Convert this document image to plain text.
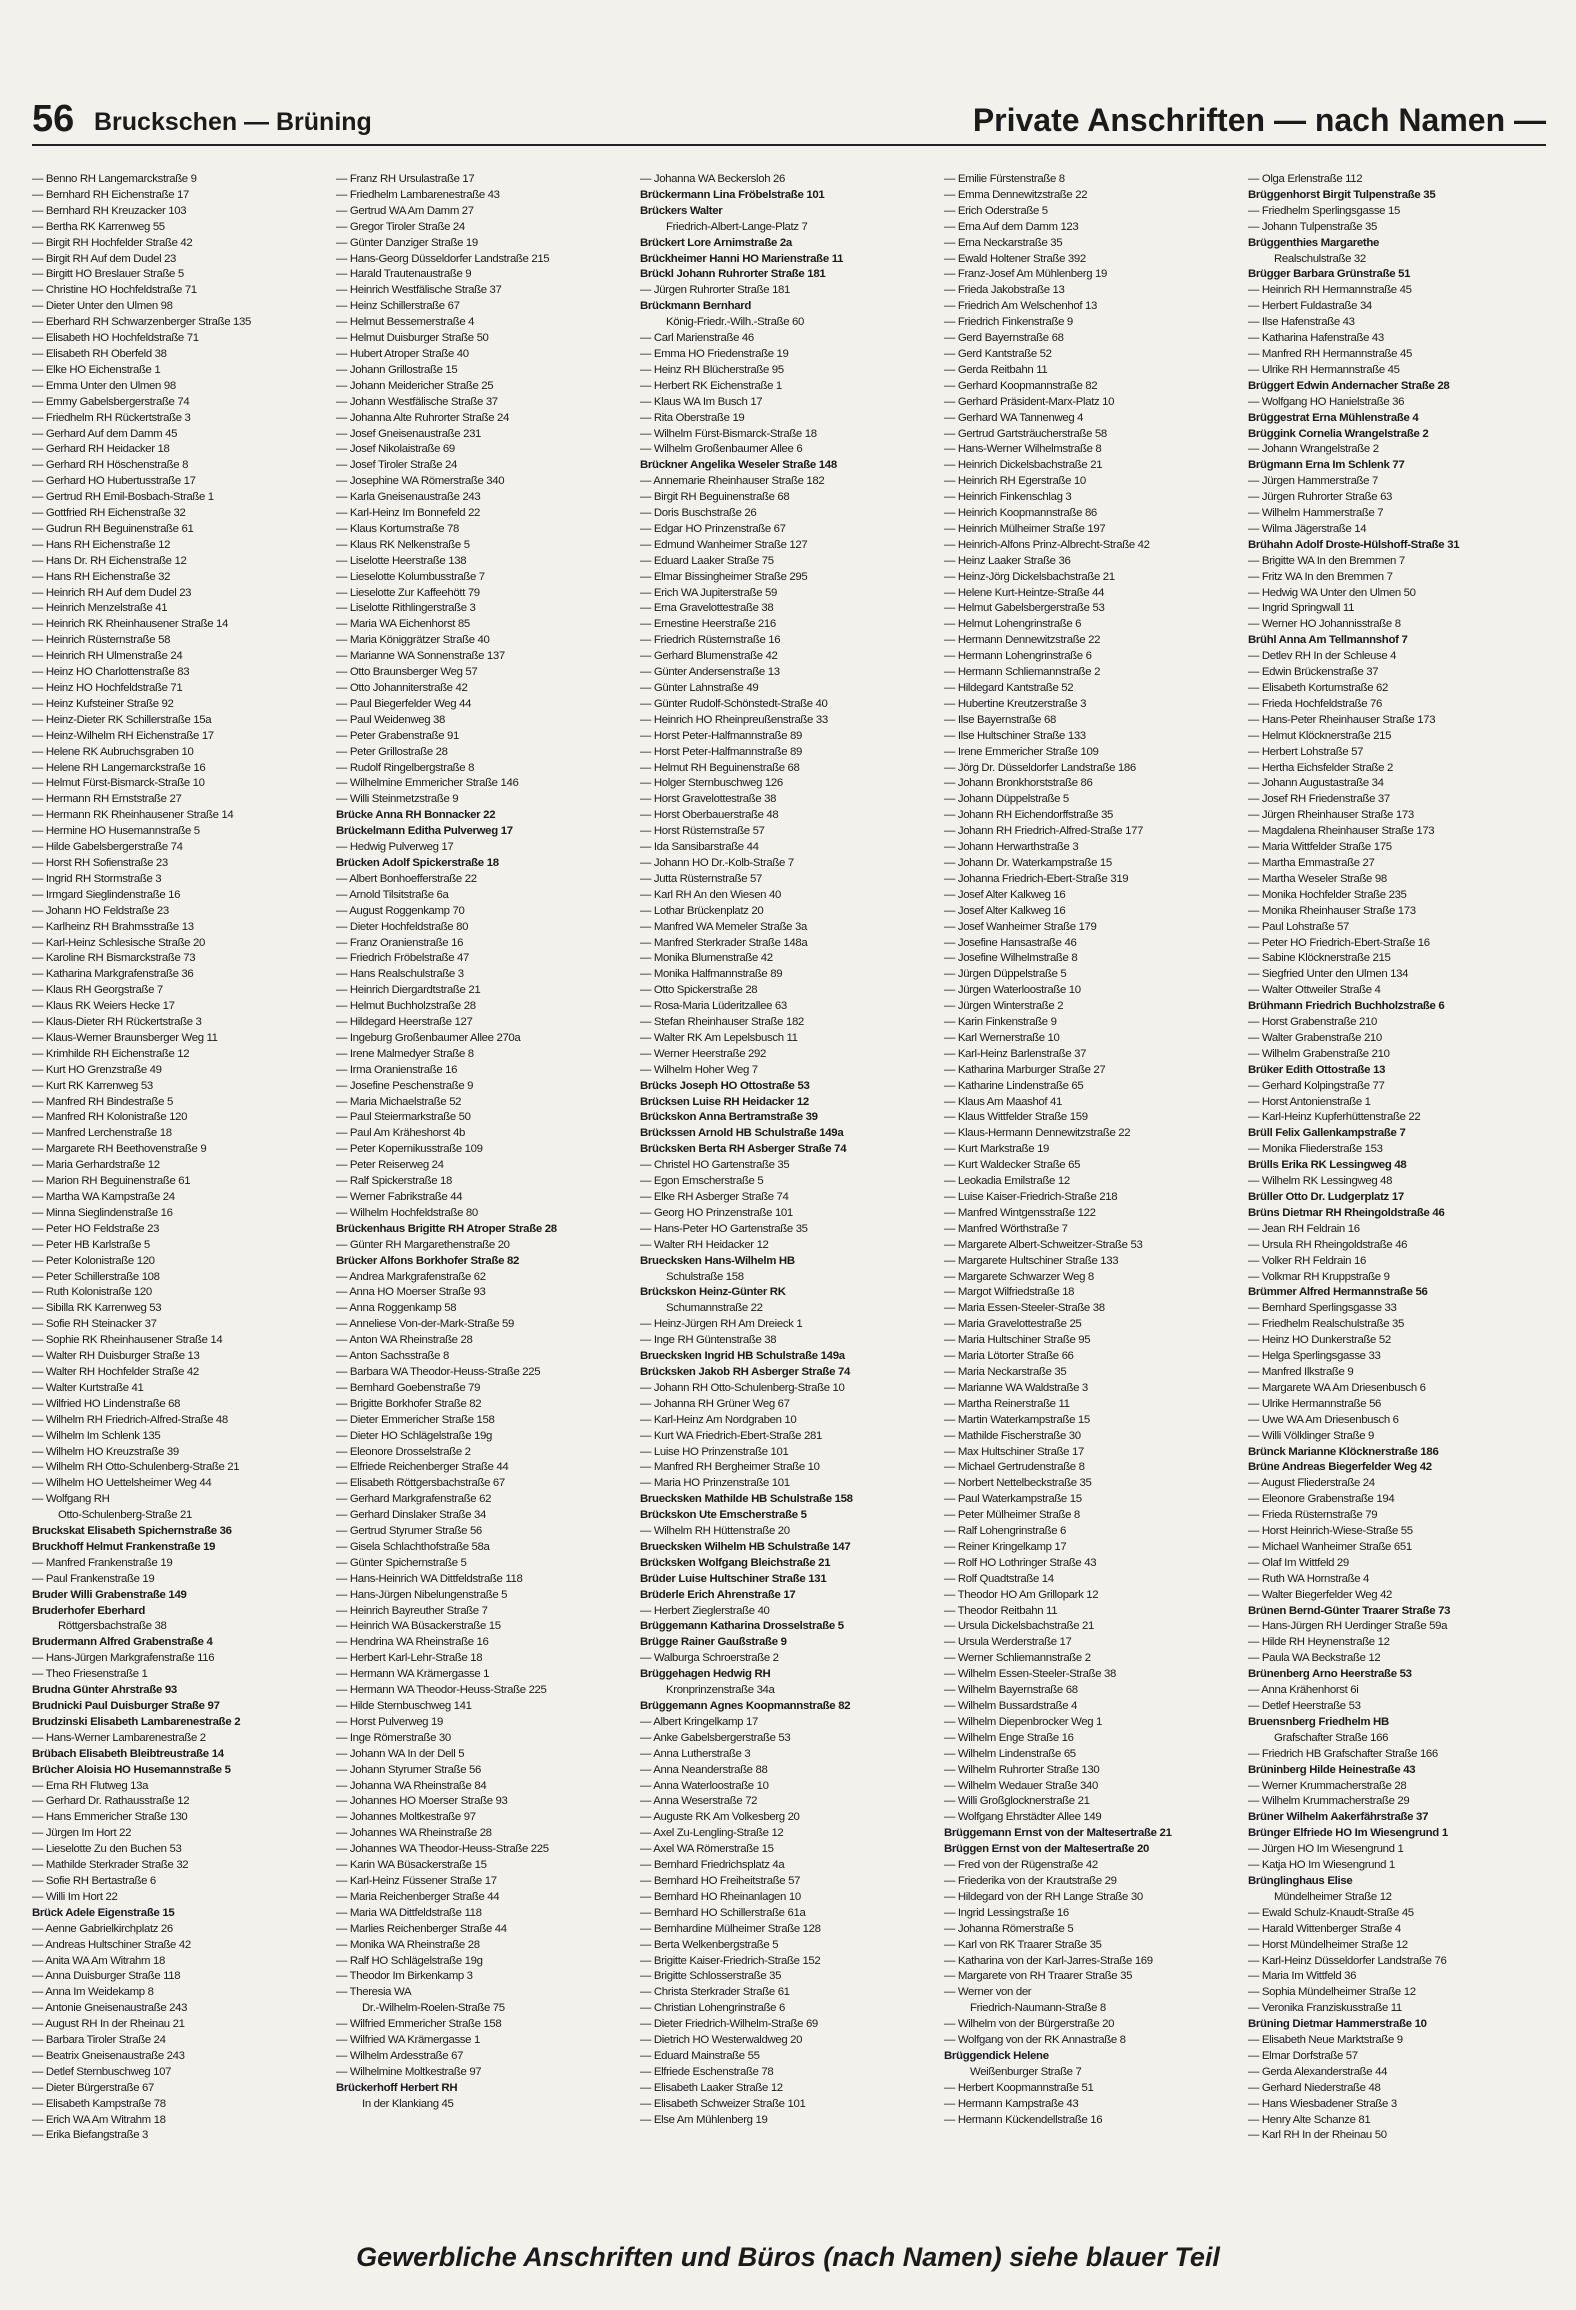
56 Bruckschen — Brüning	Private Anschriften — nach Namen —
— Benno RH Langemarckstraße 9
— Bernhard RH Eichenstraße 17
— Bernhard RH Kreuzacker 103
— Bertha RK Karrenweg 55
— Birgit RH Hochfelder Straße 42
— Birgit RH Auf dem Dudel 23
— Birgitt HO Breslauer Straße 5
— Christine HO Hochfeldstraße 71
— Dieter Unter den Ulmen 98
— Eberhard RH Schwarzenberger Straße 135
— Elisabeth HO Hochfeldstraße 71
— Elisabeth RH Oberfeld 38
— Elke HO Eichenstraße 1
— Emma Unter den Ulmen 98
— Emmy Gabelsbergerstraße 74
— Friedhelm RH Rückertstraße 3
— Gerhard Auf dem Damm 45
— Gerhard RH Heidacker 18
— Gerhard RH Höschenstraße 8
— Gerhard HO Hubertusstraße 17
— Gertrud RH Emil-Bosbach-Straße 1
— Gottfried RH Eichenstraße 32
— Gudrun RH Beguinenstraße 61
— Hans RH Eichenstraße 12
— Hans Dr. RH Eichenstraße 12
— Hans RH Eichenstraße 32
— Heinrich RH Auf dem Dudel 23
— Heinrich Menzelstraße 41
— Heinrich RK Rheinhausener Straße 14
— Heinrich Rüsternstraße 58
— Heinrich RH Ulmenstraße 24
— Heinz HO Charlottenstraße 83
— Heinz HO Hochfeldstraße 71
— Heinz Kufsteiner Straße 92
— Heinz-Dieter RK Schillerstraße 15a
— Heinz-Wilhelm RH Eichenstraße 17
— Helene RK Aubruchsgraben 10
— Helene RH Langemarckstraße 16
— Helmut Fürst-Bismarck-Straße 10
— Hermann RH Ernststraße 27
— Hermann RK Rheinhausener Straße 14
— Hermine HO Husemannstraße 5
— Hilde Gabelsbergerstraße 74
— Horst RH Sofienstraße 23
— Ingrid RH Stormstraße 3
— Irmgard Sieglindenstraße 16
— Johann HO Feldstraße 23
— Karlheinz RH Brahmsstraße 13
— Karl-Heinz Schlesische Straße 20
— Karoline RH Bismarckstraße 73
— Katharina Markgrafenstraße 36
— Klaus RH Georgstraße 7
— Klaus RK Weiers Hecke 17
— Klaus-Dieter RH Rückertstraße 3
— Klaus-Werner Braunsberger Weg 11
— Krimhilde RH Eichenstraße 12
— Kurt HO Grenzstraße 49
— Kurt RK Karrenweg 53
— Manfred RH Bindestraße 5
— Manfred RH Kolonistraße 120
— Manfred Lerchenstraße 18
— Margarete RH Beethovenstraße 9
— Maria Gerhardstraße 12
— Marion RH Beguinenstraße 61
— Martha WA Kampstraße 24
— Minna Sieglindenstraße 16
— Peter HO Feldstraße 23
— Peter HB Karlstraße 5
— Peter Kolonistraße 120
— Peter Schillerstraße 108
— Ruth Kolonistraße 120
— Sibilla RK Karrenweg 53
— Sofie RH Steinacker 37
— Sophie RK Rheinhausener Straße 14
— Walter RH Duisburger Straße 13
— Walter RH Hochfelder Straße 42
— Walter Kurtstraße 41
— Wilfried HO Lindenstraße 68
— Wilhelm RH Friedrich-Alfred-Straße 48
— Wilhelm Im Schlenk 135
— Wilhelm HO Kreuzstraße 39
— Wilhelm RH Otto-Schulenberg-Straße 21
— Wilhelm HO Uettelsheimer Weg 44
— Wolfgang RH
Otto-Schulenberg-Straße 21
Bruckskat Elisabeth Spichernstraße 36
Bruckhoff Helmut Frankenstraße 19
— Manfred Frankenstraße 19
— Paul Frankenstraße 19
Bruder Willi Grabenstraße 149
Bruderhofer Eberhard
Röttgersbachstraße 38
Brudermann Alfred Grabenstraße 4
— Hans-Jürgen Markgrafenstraße 116
— Theo Friesenstraße 1
Brudna Günter Ahrstraße 93
Brudnicki Paul Duisburger Straße 97
Brudzinski Elisabeth Lambarenestraße 2
— Hans-Werner Lambarenestraße 2
Brübach Elisabeth Bleibtreustraße 14
Brücher Aloisia HO Husemannstraße 5
— Erna RH Flutweg 13a
— Gerhard Dr. Rathausstraße 12
— Hans Emmericher Straße 130
— Jürgen Im Hort 22
— Lieselotte Zu den Buchen 53
— Mathilde Sterkrader Straße 32
— Sofie RH Bertastraße 6
— Willi Im Hort 22
Brück Adele Eigenstraße 15
— Aenne Gabrielkirchplatz 26
— Andreas Hultschiner Straße 42
— Anita WA Am Witrahm 18
— Anna Duisburger Straße 118
— Anna Im Weidekamp 8
— Antonie Gneisenaustraße 243
— August RH In der Rheinau 21
— Barbara Tiroler Straße 24
— Beatrix Gneisenaustraße 243
— Detlef Sternbuschweg 107
— Dieter Bürgerstraße 67
— Elisabeth Kampstraße 78
— Erich WA Am Witrahm 18
— Erika Biefangstraße 3
— Franz RH Ursulastraße 17
— Friedhelm Lambarenestraße 43
— Gertrud WA Am Damm 27
— Gregor Tiroler Straße 24
— Günter Danziger Straße 19
— Hans-Georg Düsseldorfer Landstraße 215
— Harald Trautenaustraße 9
— Heinrich Westfälische Straße 37
— Heinz Schillerstraße 67
— Helmut Bessemerstraße 4
— Helmut Duisburger Straße 50
— Hubert Atroper Straße 40
— Johann Grillostraße 15
— Johann Meidericher Straße 25
— Johann Westfälische Straße 37
— Johanna Alte Ruhrorter Straße 24
— Josef Gneisenaustraße 231
— Josef Nikolaistraße 69
— Josef Tiroler Straße 24
— Josephine WA Römerstraße 340
— Karla Gneisenaustraße 243
— Karl-Heinz Im Bonnefeld 22
— Klaus Kortumstraße 78
— Klaus RK Nelkenstraße 5
— Liselotte Heerstraße 138
— Lieselotte Kolumbusstraße 7
— Lieselotte Zur Kaffeehött 79
— Liselotte Rithlingerstraße 3
— Maria WA Eichenhorst 85
— Maria Königgrätzer Straße 40
— Marianne WA Sonnenstraße 137
— Otto Braunsberger Weg 57
— Otto Johanniterstraße 42
— Paul Biegerfelder Weg 44
— Paul Weidenweg 38
— Peter Grabenstraße 91
— Peter Grillostraße 28
— Rudolf Ringelbergstraße 8
— Wilhelmine Emmericher Straße 146
— Willi Steinmetzstraße 9
Brücke Anna RH Bonnacker 22
Brückelmann Editha Pulverweg 17
— Hedwig Pulverweg 17
Brücken Adolf Spickerstraße 18
— Albert Bonhoefferstraße 22
— Arnold Tilsitstraße 6a
— August Roggenkamp 70
— Dieter Hochfeldstraße 80
— Franz Oranienstraße 16
— Friedrich Fröbelstraße 47
— Hans Realschulstraße 3
— Heinrich Diergardtstraße 21
— Helmut Buchholzstraße 28
— Hildegard Heerstraße 127
— Ingeburg Großenbaumer Allee 270a
— Irene Malmedyer Straße 8
— Irma Oranienstraße 16
— Josefine Peschenstraße 9
— Maria Michaelstraße 52
— Paul Steiermarkstraße 50
— Paul Am Kräheshorst 4b
— Peter Kopernikusstraße 109
— Peter Reiserweg 24
— Ralf Spickerstraße 18
— Werner Fabrikstraße 44
— Wilhelm Hochfeldstraße 80
Brückenhaus Brigitte RH Atroper Straße 28
— Günter RH Margarethenstraße 20
Brücker Alfons Borkhofer Straße 82
— Andrea Markgrafenstraße 62
— Anna HO Moerser Straße 93
— Anna Roggenkamp 58
— Anneliese Von-der-Mark-Straße 59
— Anton WA Rheinstraße 28
— Anton Sachsstraße 8
— Barbara WA Theodor-Heuss-Straße 225
— Bernhard Goebenstraße 79
— Brigitte Borkhofer Straße 82
— Dieter Emmericher Straße 158
— Dieter HO Schlägelstraße 19g
— Eleonore Drosselstraße 2
— Elfriede Reichenberger Straße 44
— Elisabeth Röttgersbachstraße 67
— Gerhard Markgrafenstraße 62
— Gerhard Dinslaker Straße 34
— Gertrud Styrumer Straße 56
— Gisela Schlachthofstraße 58a
— Günter Spichernstraße 5
— Hans-Heinrich WA Dittfeldstraße 118
— Hans-Jürgen Nibelungenstraße 5
— Heinrich Bayreuther Straße 7
— Heinrich WA Büsackerstraße 15
— Hendrina WA Rheinstraße 16
— Herbert Karl-Lehr-Straße 18
— Hermann WA Krämergasse 1
— Hermann WA Theodor-Heuss-Straße 225
— Hilde Sternbuschweg 141
— Horst Pulverweg 19
— Inge Römerstraße 30
— Johann WA In der Dell 5
— Johann Styrumer Straße 56
— Johanna WA Rheinstraße 84
— Johannes HO Moerser Straße 93
— Johannes Moltkestraße 97
— Johannes WA Rheinstraße 28
— Johannes WA Theodor-Heuss-Straße 225
— Karin WA Büsackerstraße 15
— Karl-Heinz Füssener Straße 17
— Maria Reichenberger Straße 44
— Maria WA Dittfeldstraße 118
— Marlies Reichenberger Straße 44
— Monika WA Rheinstraße 28
— Ralf HO Schlägelstraße 19g
— Theodor Im Birkenkamp 3
— Theresia WA
Dr.-Wilhelm-Roelen-Straße 75
— Wilfried Emmericher Straße 158
— Wilfried WA Krämergasse 1
— Wilhelm Ardesstraße 67
— Wilhelmine Moltkestraße 97
Brückerhoff Herbert RH
In der Klankiang 45
— Johanna WA Beckersloh 26
Brückermann Lina Fröbelstraße 101
Brückers Walter
Friedrich-Albert-Lange-Platz 7
Brückert Lore Arnimstraße 2a
Brückheimer Hanni HO Marienstraße 11
Brückl Johann Ruhrorter Straße 181
— Jürgen Ruhrorter Straße 181
Brückmann Bernhard
König-Friedr.-Wilh.-Straße 60
— Carl Marienstraße 46
— Emma HO Friedenstraße 19
— Heinz RH Blücherstraße 95
— Herbert RK Eichenstraße 1
— Klaus WA Im Busch 17
— Rita Oberstraße 19
— Wilhelm Fürst-Bismarck-Straße 18
— Wilhelm Großenbaumer Allee 6
Brückner Angelika Weseler Straße 148
— Annemarie Rheinhauser Straße 182
— Birgit RH Beguinenstraße 68
— Doris Buschstraße 26
— Edgar HO Prinzenstraße 67
— Edmund Wanheimer Straße 127
— Eduard Laaker Straße 75
— Elmar Bissingheimer Straße 295
— Erich WA Jupiterstraße 59
— Erna Gravelottestraße 38
— Ernestine Heerstraße 216
— Friedrich Rüsternstraße 16
— Gerhard Blumenstraße 42
— Günter Andersenstraße 13
— Günter Lahnstraße 49
— Günter Rudolf-Schönstedt-Straße 40
— Heinrich HO Rheinpreußenstraße 33
— Horst Peter-Halfmannstraße 89
— Horst Peter-Halfmannstraße 89
— Helmut RH Beguinenstraße 68
— Holger Sternbuschweg 126
— Horst Gravelottestraße 38
— Horst Oberbauerstraße 48
— Horst Rüsternstraße 57
— Ida Sansibarstraße 44
— Johann HO Dr.-Kolb-Straße 7
— Jutta Rüsternstraße 57
— Karl RH An den Wiesen 40
— Lothar Brückenplatz 20
— Manfred WA Memeler Straße 3a
— Manfred Sterkrader Straße 148a
— Monika Blumenstraße 42
— Monika Halfmannstraße 89
— Otto Spickerstraße 28
— Rosa-Maria Lüderitzallee 63
— Stefan Rheinhauser Straße 182
— Walter RK Am Lepelsbusch 11
— Werner Heerstraße 292
— Wilhelm Hoher Weg 7
Brücks Joseph HO Ottostraße 53
Brücksen Luise RH Heidacker 12
Brückskon Anna Bertramstraße 39
Brückssen Arnold HB Schulstraße 149a
Brücksken Berta RH Asberger Straße 74
— Christel HO Gartenstraße 35
— Egon Emscherstraße 5
— Elke RH Asberger Straße 74
— Georg HO Prinzenstraße 101
— Hans-Peter HO Gartenstraße 35
— Walter RH Heidacker 12
Bruecksken Hans-Wilhelm HB
Schulstraße 158
Brückskon Heinz-Günter RK
Schumannstraße 22
— Heinz-Jürgen RH Am Dreieck 1
— Inge RH Güntenstraße 38
Bruecksken Ingrid HB Schulstraße 149a
Brücksken Jakob RH Asberger Straße 74
— Johann RH Otto-Schulenberg-Straße 10
— Johanna RH Grüner Weg 67
— Karl-Heinz Am Nordgraben 10
— Kurt WA Friedrich-Ebert-Straße 281
— Luise HO Prinzenstraße 101
— Manfred RH Bergheimer Straße 10
— Maria HO Prinzenstraße 101
Bruecksken Mathilde HB Schulstraße 158
Brückskon Ute Emscherstraße 5
— Wilhelm RH Hüttenstraße 20
Bruecksken Wilhelm HB Schulstraße 147
Brücksken Wolfgang Bleichstraße 21
Brüder Luise Hultschiner Straße 131
Brüderle Erich Ahrenstraße 17
— Herbert Zieglerstraße 40
Brüggemann Katharina Drosselstraße 5
Brügge Rainer Gaußstraße 9
— Walburga Schroerstraße 2
Brüggehagen Hedwig RH
Kronprinzenstraße 34a
Brüggemann Agnes Koopmannstraße 82
— Albert Kringelkamp 17
— Anke Gabelsbergerstraße 53
— Anna Lutherstraße 3
— Anna Neanderstraße 88
— Anna Waterloostraße 10
— Anna Weserstraße 72
— Auguste RK Am Volkesberg 20
— Axel Zu-Lengling-Straße 12
— Axel WA Römerstraße 15
— Bernhard Friedrichsplatz 4a
— Bernhard HO Freiheitstraße 57
— Bernhard HO Rheinanlagen 10
— Bernhard HO Schillerstraße 61a
— Bernhardine Mülheimer Straße 128
— Berta Welkenbergstraße 5
— Brigitte Kaiser-Friedrich-Straße 152
— Brigitte Schlosserstraße 35
— Christa Sterkrader Straße 61
— Christian Lohengrinstraße 6
— Dieter Friedrich-Wilhelm-Straße 69
— Dietrich HO Westerwaldweg 20
— Eduard Mainstraße 55
— Elfriede Eschenstraße 78
— Elisabeth Laaker Straße 12
— Elisabeth Schweizer Straße 101
— Else Am Mühlenberg 19
— Emilie Fürstenstraße 8
— Emma Dennewitzstraße 22
— Erich Oderstraße 5
— Erna Auf dem Damm 123
— Erna Neckarstraße 35
— Ewald Holtener Straße 392
— Franz-Josef Am Mühlenberg 19
— Frieda Jakobstraße 13
— Friedrich Am Welschenhof 13
— Friedrich Finkenstraße 9
— Gerd Bayernstraße 68
— Gerd Kantstraße 52
— Gerda Reitbahn 11
— Gerhard Koopmannstraße 82
— Gerhard Präsident-Marx-Platz 10
— Gerhard WA Tannenweg 4
— Gertrud Gartsträucherstraße 58
— Hans-Werner Wilhelmstraße 8
— Heinrich Dickelsbachstraße 21
— Heinrich RH Egerstraße 10
— Heinrich Finkenschlag 3
— Heinrich Koopmannstraße 86
— Heinrich Mülheimer Straße 197
— Heinrich-Alfons Prinz-Albrecht-Straße 42
— Heinz Laaker Straße 36
— Heinz-Jörg Dickelsbachstraße 21
— Helene Kurt-Heintze-Straße 44
— Helmut Gabelsbergerstraße 53
— Helmut Lohengrinstraße 6
— Hermann Dennewitzstraße 22
— Hermann Lohengrinstraße 6
— Hermann Schliemannstraße 2
— Hildegard Kantstraße 52
— Hubertine Kreutzerstraße 3
— Ilse Bayernstraße 68
— Ilse Hultschiner Straße 133
— Irene Emmericher Straße 109
— Jörg Dr. Düsseldorfer Landstraße 186
— Johann Bronkhorststraße 86
— Johann Düppelstraße 5
— Johann RH Eichendorffstraße 35
— Johann RH Friedrich-Alfred-Straße 177
— Johann Herwarthstraße 3
— Johann Dr. Waterkampstraße 15
— Johanna Friedrich-Ebert-Straße 319
— Josef Alter Kalkweg 16
— Josef Alter Kalkweg 16
— Josef Wanheimer Straße 179
— Josefine Hansastraße 46
— Josefine Wilhelmstraße 8
— Jürgen Düppelstraße 5
— Jürgen Waterloostraße 10
— Jürgen Winterstraße 2
— Karin Finkenstraße 9
— Karl Wernerstraße 10
— Karl-Heinz Barlenstraße 37
— Katharina Marburger Straße 27
— Katharine Lindenstraße 65
— Klaus Am Maashof 41
— Klaus Wittfelder Straße 159
— Klaus-Hermann Dennewitzstraße 22
— Kurt Markstraße 19
— Kurt Waldecker Straße 65
— Leokadia Emilstraße 12
— Luise Kaiser-Friedrich-Straße 218
— Manfred Wintgensstraße 122
— Manfred Wörthstraße 7
— Margarete Albert-Schweitzer-Straße 53
— Margarete Hultschiner Straße 133
— Margarete Schwarzer Weg 8
— Margot Wilfriedstraße 18
— Maria Essen-Steeler-Straße 38
— Maria Gravelottestraße 25
— Maria Hultschiner Straße 95
— Maria Lötorter Straße 66
— Maria Neckarstraße 35
— Marianne WA Waldstraße 3
— Martha Reinerstraße 11
— Martin Waterkampstraße 15
— Mathilde Fischerstraße 30
— Max Hultschiner Straße 17
— Michael Gertrudenstraße 8
— Norbert Nettelbeckstraße 35
— Paul Waterkampstraße 15
— Peter Mülheimer Straße 8
— Ralf Lohengrinstraße 6
— Reiner Kringelkamp 17
— Rolf HO Lothringer Straße 43
— Rolf Quadtstraße 14
— Theodor HO Am Grillopark 12
— Theodor Reitbahn 11
— Ursula Dickelsbachstraße 21
— Ursula Werderstraße 17
— Werner Schliemannstraße 2
— Wilhelm Essen-Steeler-Straße 38
— Wilhelm Bayernstraße 68
— Wilhelm Bussardstraße 4
— Wilhelm Diepenbrocker Weg 1
— Wilhelm Enge Straße 16
— Wilhelm Lindenstraße 65
— Wilhelm Ruhrorter Straße 130
— Wilhelm Wedauer Straße 340
— Willi Großglocknerstraße 21
— Wolfgang Ehrstädter Allee 149
Brüggemann Ernst von der Maltesertraße 21
Brüggen Ernst von der Maltesertraße 20
— Fred von der Rügenstraße 42
— Friederika von der Krautstraße 29
— Hildegard von der RH Lange Straße 30
— Ingrid Lessingstraße 16
— Johanna Römerstraße 5
— Karl von RK Traarer Straße 35
— Katharina von der Karl-Jarres-Straße 169
— Margarete von RH Traarer Straße 35
— Werner von der
Friedrich-Naumann-Straße 8
— Wilhelm von der Bürgerstraße 20
— Wolfgang von der RK Annastraße 8
Brüggendick Helene
Weißenburger Straße 7
— Herbert Koopmannstraße 51
— Hermann Kampstraße 43
— Hermann Kückendellstraße 16
— Olga Erlenstraße 112
Brüggenhorst Birgit Tulpenstraße 35
— Friedhelm Sperlingsgasse 15
— Johann Tulpenstraße 35
Brüggenthies Margarethe
Realschulstraße 32
Brügger Barbara Grünstraße 51
— Heinrich RH Hermannstraße 45
— Herbert Fuldastraße 34
— Ilse Hafenstraße 43
— Katharina Hafenstraße 43
— Manfred RH Hermannstraße 45
— Ulrike RH Hermannstraße 45
Brüggert Edwin Andernacher Straße 28
— Wolfgang HO Hanielstraße 36
Brüggestrat Erna Mühlenstraße 4
Brüggink Cornelia Wrangelstraße 2
— Johann Wrangelstraße 2
Brügmann Erna Im Schlenk 77
— Jürgen Hammerstraße 7
— Jürgen Ruhrorter Straße 63
— Wilhelm Hammerstraße 7
— Wilma Jägerstraße 14
Brühahn Adolf Droste-Hülshoff-Straße 31
— Brigitte WA In den Bremmen 7
— Fritz WA In den Bremmen 7
— Hedwig WA Unter den Ulmen 50
— Ingrid Springwall 11
— Werner HO Johannisstraße 8
Brühl Anna Am Tellmannshof 7
— Detlev RH In der Schleuse 4
— Edwin Brückenstraße 37
— Elisabeth Kortumstraße 62
— Frieda Hochfeldstraße 76
— Hans-Peter Rheinhauser Straße 173
— Helmut Klöcknerstraße 215
— Herbert Lohstraße 57
— Hertha Eichsfelder Straße 2
— Johann Augustastraße 34
— Josef RH Friedenstraße 37
— Jürgen Rheinhauser Straße 173
— Magdalena Rheinhauser Straße 173
— Maria Wittfelder Straße 175
— Martha Emmastraße 27
— Martha Weseler Straße 98
— Monika Hochfelder Straße 235
— Monika Rheinhauser Straße 173
— Paul Lohstraße 57
— Peter HO Friedrich-Ebert-Straße 16
— Sabine Klöcknerstraße 215
— Siegfried Unter den Ulmen 134
— Walter Ottweiler Straße 4
Brühmann Friedrich Buchholzstraße 6
— Horst Grabenstraße 210
— Walter Grabenstraße 210
— Wilhelm Grabenstraße 210
Brüker Edith Ottostraße 13
— Gerhard Kolpingstraße 77
— Horst Antonienstraße 1
— Karl-Heinz Kupferhüttenstraße 22
Brüll Felix Gallenkampstraße 7
— Monika Fliederstraße 153
Brülls Erika RK Lessingweg 48
— Wilhelm RK Lessingweg 48
Brüller Otto Dr. Ludgerplatz 17
Brüns Dietmar RH Rheingoldstraße 46
— Jean RH Feldrain 16
— Ursula RH Rheingoldstraße 46
— Volker RH Feldrain 16
— Volkmar RH Kruppstraße 9
Brümmer Alfred Hermannstraße 56
— Bernhard Sperlingsgasse 33
— Friedhelm Realschulstraße 35
— Heinz HO Dunkerstraße 52
— Helga Sperlingsgasse 33
— Manfred Ilkstraße 9
— Margarete WA Am Driesenbusch 6
— Ulrike Hermannstraße 56
— Uwe WA Am Driesenbusch 6
— Willi Völklinger Straße 9
Brünck Marianne Klöcknerstraße 186
Brüne Andreas Biegerfelder Weg 42
— August Fliederstraße 24
— Eleonore Grabenstraße 194
— Frieda Rüsternstraße 79
— Horst Heinrich-Wiese-Straße 55
— Michael Wanheimer Straße 651
— Olaf Im Wittfeld 29
— Ruth WA Hornstraße 4
— Walter Biegerfelder Weg 42
Brünen Bernd-Günter Traarer Straße 73
— Hans-Jürgen RH Uerdinger Straße 59a
— Hilde RH Heynenstraße 12
— Paula WA Beckstraße 12
Brünenberg Arno Heerstraße 53
— Anna Krähenhorst 6i
— Detlef Heerstraße 53
Bruensnberg Friedhelm HB
Grafschafter Straße 166
— Friedrich HB Grafschafter Straße 166
Brüninberg Hilde Heinestraße 43
— Werner Krummacherstraße 28
— Wilhelm Krummacherstraße 29
Brüner Wilhelm Aakerfährstraße 37
Brünger Elfriede HO Im Wiesengrund 1
— Jürgen HO Im Wiesengrund 1
— Katja HO Im Wiesengrund 1
Brünglinghaus Elise
Mündelheimer Straße 12
— Ewald Schulz-Knaudt-Straße 45
— Harald Wittenberger Straße 4
— Horst Mündelheimer Straße 12
— Karl-Heinz Düsseldorfer Landstraße 76
— Maria Im Wittfeld 36
— Sophia Mündelheimer Straße 12
— Veronika Franziskusstraße 11
Brüning Dietmar Hammerstraße 10
— Elisabeth Neue Marktstraße 9
— Elmar Dorfstraße 57
— Gerda Alexanderstraße 44
— Gerhard Niederstraße 48
— Hans Wiesbadener Straße 3
— Henry Alte Schanze 81
— Karl RH In der Rheinau 50
Gewerbliche Anschriften und Büros (nach Namen) siehe blauer Teil
